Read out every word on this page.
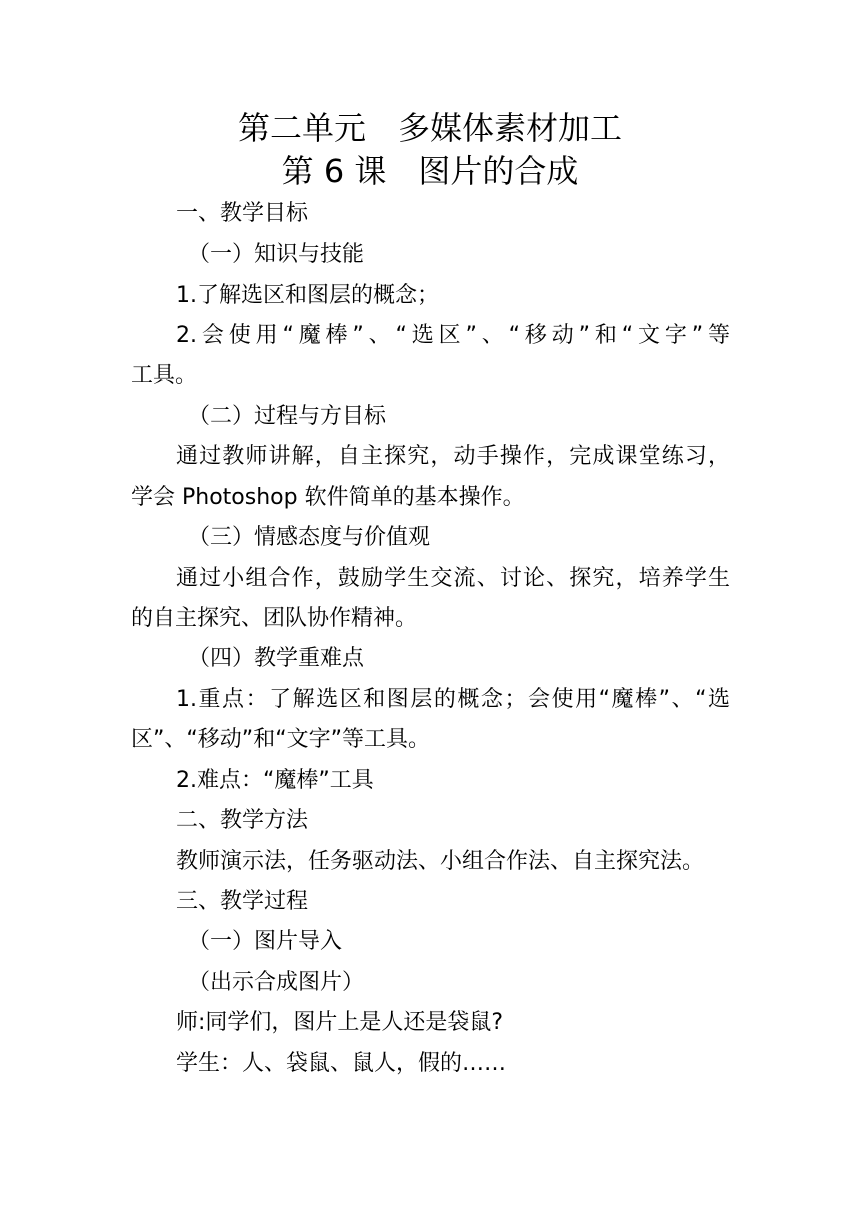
第二单元　多媒体素材加工
第 6 课　图片的合成
一、教学目标
（一）知识与技能
1.了解选区和图层的概念；
2.会使用“魔棒”、“选区”、“移动”和“文字”等
工具。
（二）过程与方目标
通过教师讲解，自主探究，动手操作，完成课堂练习，
学会 Photoshop 软件简单的基本操作。
（三）情感态度与价值观
通过小组合作，鼓励学生交流、讨论、探究，培养学生
的自主探究、团队协作精神。
（四）教学重难点
1.重点：了解选区和图层的概念；会使用“魔棒”、“选
区”、“移动”和“文字”等工具。
2.难点：“魔棒”工具
二、教学方法
教师演示法，任务驱动法、小组合作法、自主探究法。
三、教学过程
（一）图片导入
（出示合成图片）
师:同学们，图片上是人还是袋鼠?
学生：人、袋鼠、鼠人，假的……
